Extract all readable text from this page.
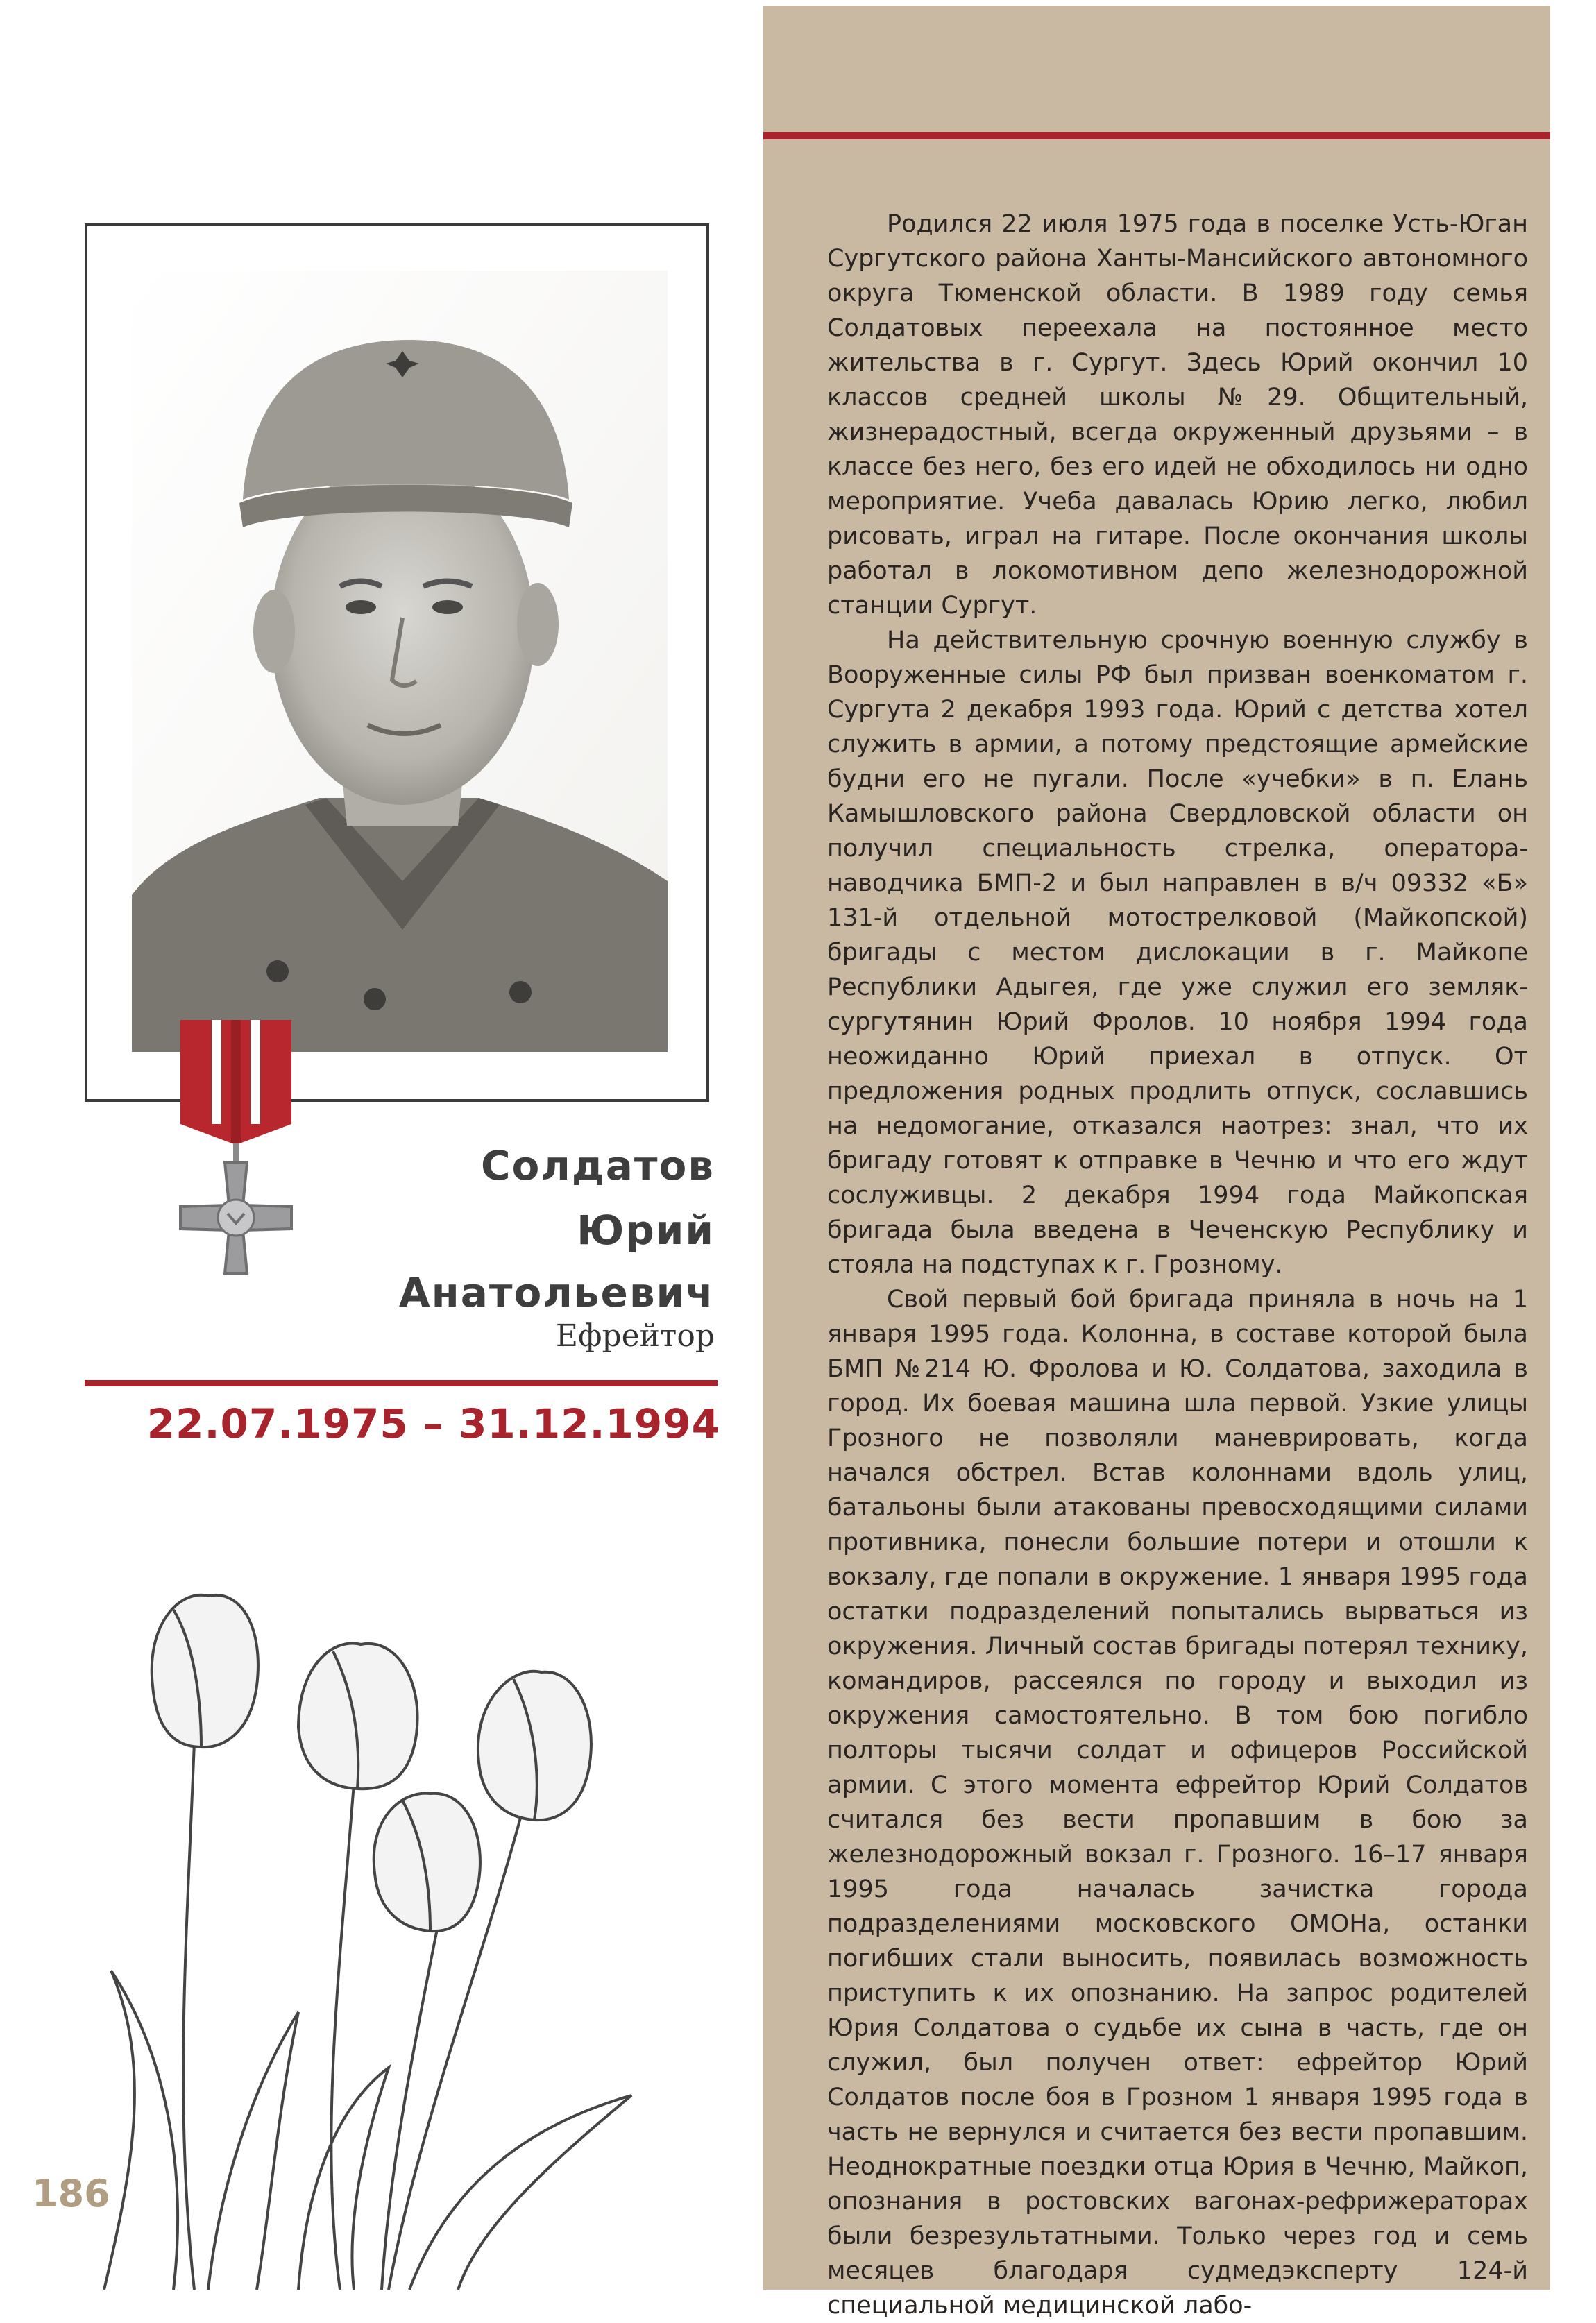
Родился 22 июля 1975 года в поселке Усть-Юган Сургутского района Ханты-Мансийского автономного округа Тюменской области. В 1989 году семья Солдатовых переехала на постоянное место жительства в г. Сургут. Здесь Юрий окончил 10 классов средней школы №29. Общительный, жизнерадостный, всегда окруженный друзьями – в классе без него, без его идей не обходилось ни одно мероприятие. Учеба давалась Юрию легко, любил рисовать, играл на гитаре. После окончания школы работал в локомотивном депо железнодорожной станции Сургут.

На действительную срочную военную службу в Вооруженные силы РФ был призван военкоматом г. Сургута 2 декабря 1993 года. Юрий с детства хотел служить в армии, а потому предстоящие армейские будни его не пугали. После «учебки» в п. Елань Камышловского района Свердловской области он получил специальность стрелка, оператора-наводчика БМП-2 и был направлен в в/ч 09332 «Б» 131-й отдельной мотострелковой (Майкопской) бригады с местом дислокации в г. Майкопе Республики Адыгея, где уже служил его земляк-сургутянин Юрий Фролов. 10 ноября 1994 года неожиданно Юрий приехал в отпуск. От предложения родных продлить отпуск, сославшись на недомогание, отказался наотрез: знал, что их бригаду готовят к отправке в Чечню и что его ждут сослуживцы. 2 декабря 1994 года Майкопская бригада была введена в Чеченскую Республику и стояла на подступах к г. Грозному.

Свой первый бой бригада приняла в ночь на 1 января 1995 года. Колонна, в составе которой была БМП №214 Ю. Фролова и Ю. Солдатова, заходила в город. Их боевая машина шла первой. Узкие улицы Грозного не позволяли маневрировать, когда начался обстрел. Встав колоннами вдоль улиц, батальоны были атакованы превосходящими силами противника, понесли большие потери и отошли к вокзалу, где попали в окружение. 1 января 1995 года остатки подразделений попытались вырваться из окружения. Личный состав бригады потерял технику, командиров, рассеялся по городу и выходил из окружения самостоятельно. В том бою погибло полторы тысячи солдат и офицеров Российской армии. С этого момента ефрейтор Юрий Солдатов считался без вести пропавшим в бою за железнодорожный вокзал г. Грозного. 16–17 января 1995 года началась зачистка города подразделениями московского ОМОНа, останки погибших стали выносить, появилась возможность приступить к их опознанию. На запрос родителей Юрия Солдатова о судьбе их сына в часть, где он служил, был получен ответ: ефрейтор Юрий Солдатов после боя в Грозном 1 января 1995 года в часть не вернулся и считается без вести пропавшим. Неоднократные поездки отца Юрия в Чечню, Майкоп, опознания в ростовских вагонах-рефрижераторах были безрезультатными. Только через год и семь месяцев благодаря судмедэксперту 124-й специальной медицинской лабо-

Солдатов
Юрий
Анатольевич
Ефрейтор
22.07.1975 – 31.12.1994
186
